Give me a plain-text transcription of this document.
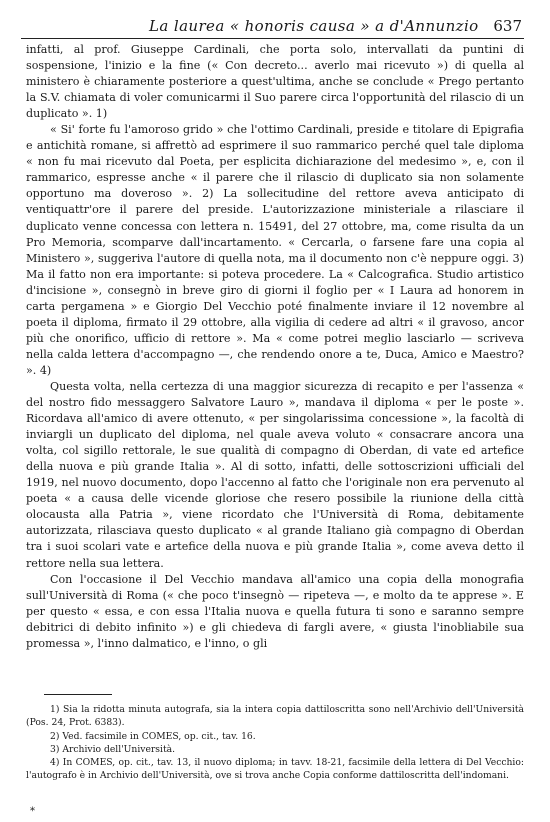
La laurea « honoris causa » a d'Annunzio 637

infatti, al prof. Giuseppe Cardinali, che porta solo, intervallati da puntini di sospensione, l'inizio e la fine (« Con decreto... averlo mai ricevuto ») di quella al ministero è chiaramente posteriore a quest'ultima, anche se conclude « Prego pertanto la S.V. chiamata di voler comunicarmi il Suo parere circa l'opportunità del rilascio di un duplicato ». 1)

« Si' forte fu l'amoroso grido » che l'ottimo Cardinali, preside e titolare di Epigrafia e antichità romane, si affrettò ad esprimere il suo rammarico perché quel tale diploma « non fu mai ricevuto dal Poeta, per esplicita dichiarazione del medesimo », e, con il rammarico, espresse anche « il parere che il rilascio di duplicato sia non solamente opportuno ma doveroso ». 2) La sollecitudine del rettore aveva anticipato di ventiquattr'ore il parere del preside. L'autorizzazione ministeriale a rilasciare il duplicato venne concessa con lettera n. 15491, del 27 ottobre, ma, come risulta da un Pro Memoria, scomparve dall'incartamento. « Cercarla, o farsene fare una copia al Ministero », suggeriva l'autore di quella nota, ma il documento non c'è neppure oggi. 3) Ma il fatto non era importante: si poteva procedere. La « Calcografica. Studio artistico d'incisione », consegnò in breve giro di giorni il foglio per « I Laura ad honorem in carta pergamena » e Giorgio Del Vecchio poté finalmente inviare il 12 novembre al poeta il diploma, firmato il 29 ottobre, alla vigilia di cedere ad altri « il gravoso, ancor più che onorifico, ufficio di rettore ». Ma « come potrei meglio lasciarlo — scriveva nella calda lettera d'accompagno —, che rendendo onore a te, Duca, Amico e Maestro? ». 4)

Questa volta, nella certezza di una maggior sicurezza di recapito e per l'assenza « del nostro fido messaggero Salvatore Lauro », mandava il diploma « per le poste ». Ricordava all'amico di avere ottenuto, « per singolarissima concessione », la facoltà di inviargli un duplicato del diploma, nel quale aveva voluto « consacrare ancora una volta, col sigillo rettorale, le sue qualità di compagno di Oberdan, di vate ed artefice della nuova e più grande Italia ». Al di sotto, infatti, delle sottoscrizioni ufficiali del 1919, nel nuovo documento, dopo l'accenno al fatto che l'originale non era pervenuto al poeta « a causa delle vicende gloriose che resero possibile la riunione della città olocausta alla Patria », viene ricordato che l'Università di Roma, debitamente autorizzata, rilasciava questo duplicato « al grande Italiano già compagno di Oberdan tra i suoi scolari vate e artefice della nuova e più grande Italia », come aveva detto il rettore nella sua lettera.

Con l'occasione il Del Vecchio mandava all'amico una copia della monografia sull'Università di Roma (« che poco t'insegnò — ripeteva —, e molto da te apprese ». E per questo « essa, e con essa l'Italia nuova e quella futura ti sono e saranno sempre debitrici di debito infinito ») e gli chiedeva di fargli avere, « giusta l'inobliabile sua promessa », l'inno dalmatico, e l'inno, o gli

1) Sia la ridotta minuta autografa, sia la intera copia dattiloscritta sono nell'Archivio dell'Università (Pos. 24, Prot. 6383).

2) Ved. facsimile in COMES, op. cit., tav. 16.

3) Archivio dell'Università.

4) In COMES, op. cit., tav. 13, il nuovo diploma; in tavv. 18-21, facsimile della lettera di Del Vecchio: l'autografo è in Archivio dell'Università, ove si trova anche Copia conforme dattiloscritta dell'indomani.

*
